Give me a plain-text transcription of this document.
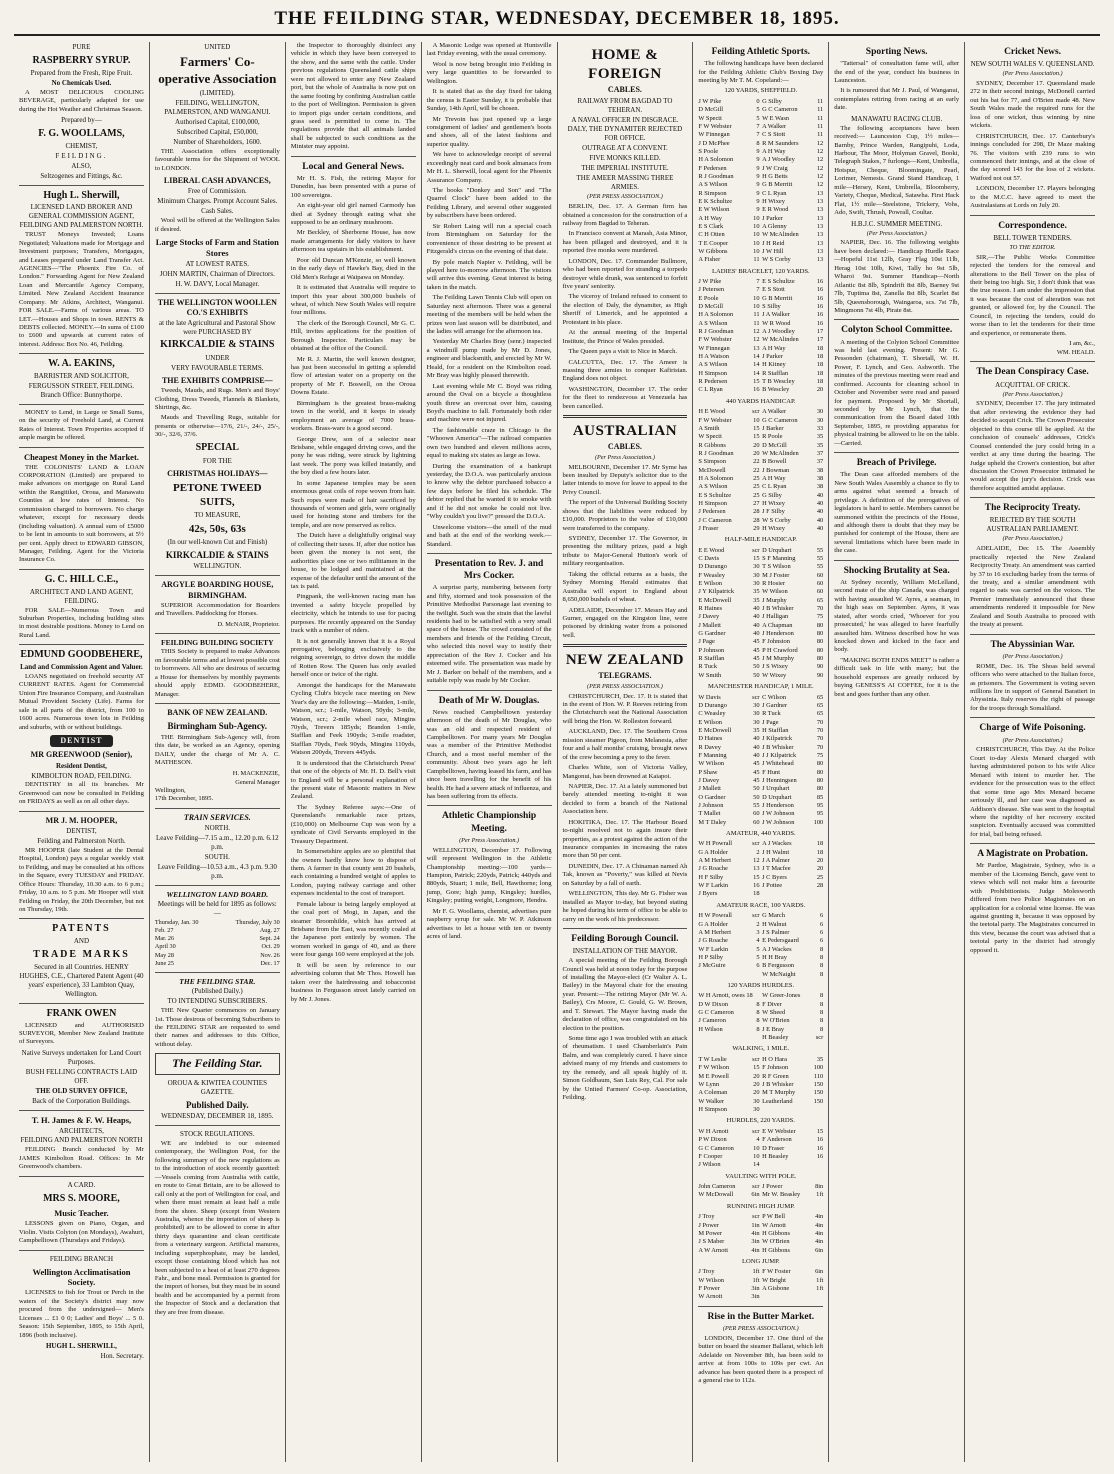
THE FEILDING STAR, WEDNESDAY, DECEMBER 18, 1895.
PURE
RASPBERRY SYRUP.
Prepared from the Fresh, Ripe Fruit.
No Chemicals Used.

A MOST DELICIOUS COOLING BEVERAGE, particularly adapted for use during the Hot Weather and Christmas Season.

Prepared by—
F. G. WOOLLAMS,
CHEMIST,
FEILDING.
ALSO,
Seltzogenes and Fittings, &c.
Hugh L. Sherwill,
LICENSED LAND BROKER AND GENERAL COMMISSION AGENT, FEILDING AND PALMERSTON NORTH.

TRUST Moneys Invested; Loans Negotiated; Valuations made for Mortgage and Investment purposes; Transfers, Mortgages, and Leases prepared under Land Transfer Act. AGENCIES—"The Phoenix Fire Co. of London." Forwarding Agent for New Zealand Loan and Mercantile Agency Company, Limited. New Zealand Accident Insurance Company. Mr Atkins, Architect, Wanganui. FOR SALE.—Farms of various areas. TO LET.—Houses and Shops in town. RENTS & DEBTS collected. MONEY.—In sums of £100 to £600 and upwards at current rates of interest. Address: Box No. 46, Feilding.

W. A. EAKINS,
BARRISTER AND SOLICITOR,
FERGUSSON STREET, FEILDING. Branch Office: Bunnythorpe.

MONEY to Lend, in Large or Small Sums, on the security of Freehold Land, at Current Rates of Interest. Town Properties accepted if ample margin be offered.

Cheapest Money in the Market.

THE COLONISTS' LAND & LOAN CORPORATION (Limited) are prepared to make advances on mortgage on Rural Land within the Rangitikei, Oroua, and Manawatu Counties at low rates of Interest. No commission charged to borrowers. No charge whatever, except for necessary deeds (including valuation). A annual sum of £5000 to be lent in amounts to suit borrowers, at 5½ per cent. Apply direct to EDWARD GIBSON, Manager, Feilding. Agent for the Victoria Insurance Co.

G. C. HILL C.E.,
ARCHITECT AND LAND AGENT, FEILDING.

FOR SALE—Numerous Town and Suburban Properties, including building sites in most desirable positions. Money to Lend on Rural Land.

EDMUND GOODBEHERE,
Land and Commission Agent and Valuer.

LOANS negotiated on freehold security AT CURRENT RATES. Agent for Commercial Union Fire Insurance Company, and Australian Mutual Provident Society (Life). Farms for sale in all parts of the district, from 100 to 1600 acres. Numerous town lots in Feilding and suburbs, with or without buildings.

DENTIST
MR GREENWOOD (Senior),
Resident Dentist,
KIMBOLTON ROAD, FEILDING.

DENTISTRY in all its branches. Mr Greenwood can now be consulted in Feilding on FRIDAYS as well as on all other days.

MR J. M. HOOPER,
DENTIST,
Feilding and Palmerston North.

MR HOOPER (late Student at the Dental Hospital, London) pays a regular weekly visit to Feilding, and may be consulted at his offices in the Square, every TUESDAY and FRIDAY. Office Hours: Thursday, 10.30 a.m. to 6 p.m.; Friday, 10 a.m. to 5 p.m. Mr Hooper will visit Feilding on Friday, the 20th December, but not on Thursday, 19th.

PATENTS
AND
TRADE MARKS
Secured in all Countries. HENRY HUGHES, C.E., Chartered Patent Agent (40 years' experience), 33 Lambton Quay, Wellington.
FRANK OWEN

LICENSED and AUTHORISED SURVEYOR, Member New Zealand Institute of Surveyors.

Native Surveys undertaken for Land Court Purposes.
BUSH FELLING CONTRACTS LAID OFF.
THE OLD SURVEY OFFICE,
Back of the Corporation Buildings.
T. H. James & F. W. Heaps,
ARCHITECTS,
FEILDING AND PALMERSTON NORTH

FEILDING Branch conducted by Mr JAMES Kimbolton Road. Offices: In Mr Greenwood's chambers.

A CARD.
MRS S. MOORE,
Music Teacher.

LESSONS given on Piano, Organ, and Violin. Visits Colyton (on Mondays), Awahuri, Campbelltown (Thursdays and Fridays).

FEILDING BRANCH
Wellington Acclimatisation Society.

LICENSES to fish for Trout or Perch in the waters of the Society's district may now procured from the undersigned— Men's Licenses ... £1 0 0; Ladies' and Boys' ... 5 0. Season: 15th September, 1895, to 15th April, 1896 (both inclusive).

HUGH L. SHERWILL,
Hon. Secretary.
UNITED
Farmers' Co-operative Association
(LIMITED).
FEILDING, WELLINGTON, PALMERSTON, AND WANGANUI.
Authorised Capital, £100,000,
Subscribed Capital, £50,000,
Number of Shareholders, 1600.

THE Association offers exceptionally favourable terms for the Shipment of WOOL to LONDON.

LIBERAL CASH ADVANCES,
Free of Commission.
Minimum Charges. Prompt Account Sales.
Cash Sales.

Wool will be offered at the Wellington Sales if desired.

Large Stocks of Farm and Station Stores
AT LOWEST RATES.
JOHN MARTIN, Chairman of Directors.
H. W. DAVY, Local Manager.
THE WELLINGTON WOOLLEN CO.'S EXHIBITS
at the late Agricultural and Pastoral Show were PURCHASED BY
KIRKCALDIE & STAINS
UNDER
VERY FAVOURABLE TERMS.
THE EXHIBITS COMPRISE—

Tweeds, Mauds, and Rugs. Men's and Boys' Clothing, Dress Tweeds, Flannels & Blankets, Shirtings, &c.

Mauds and Travelling Rugs, suitable for presents or otherwise—17/6, 21/-, 24/-, 25/-, 30/-, 32/6, 37/6.

SPECIAL
FOR THE
CHRISTMAS HOLIDAYS—
PETONE TWEED SUITS,
TO MEASURE,
42s, 50s, 63s
(In our well-known Cut and Finish)
KIRKCALDIE & STAINS
WELLINGTON.
ARGYLE BOARDING HOUSE, BIRMINGHAM.

SUPERIOR Accommodation for Boarders and Travellers. Paddocking for Horses.

D. McNAIR, Proprietor.
FEILDING BUILDING SOCIETY

THIS Society is prepared to make Advances on favourable terms and at lowest possible cost to borrowers. All who are desirous of securing a House for themselves by monthly payments should apply EDMD. GOODBEHERE, Manager.

BANK OF NEW ZEALAND.
Birmingham Sub-Agency.

THE Birmingham Sub-Agency will, from this date, be worked as an Agency, opening DAILY, under the charge of Mr A. C. MATHESON.

H. MACKENZIE,
General Manager
Wellington,
17th December, 1895.
TRAIN SERVICES.
NORTH.
Leave Feilding—7.15 a.m., 12.20 p.m. 6.12 p.m.
SOUTH.
Leave Feilding—10.53 a.m., 4.3 p.m. 9.30 p.m.
WELLINGTON LAND BOARD.
Meetings will be held for 1895 as follows:—
Thursday, Jan. 30	Thursday, July 30
Feb. 27	Aug. 27
Mar. 26	Sept. 24
April 30	Oct. 29
May 28	Nov. 26
June 25	Dec. 17
THE FEILDING STAR.
(Published Daily.)
TO INTENDING SUBSCRIBERS.

THE New Quarter commences on January 1st. Those desirous of becoming Subscribers to the FEILDING STAR are requested to send their names and addresses to this Office, without delay.

The Feilding Star.
OROUA & KIWITEA COUNTIES GAZETTE.
Published Daily.
WEDNESDAY, DECEMBER 18, 1895.
STOCK REGULATIONS.

WE are indebted to our esteemed contemporary, the Wellington Post, for the following summary of the new regulations as to the introduction of stock recently gazetted:—Vessels coming from Australia with cattle, en route to Great Britain, are to be allowed to call only at the port of Wellington for coal, and when there must remain at least half a mile from the shore. Sheep (except from Western Australia, whence the importation of sheep is prohibited) are to be allowed to come in after thirty days quarantine and clean certificate from a veterinary surgeon. Artificial manures, including superphosphate, may be landed, except those containing blood which has not been subjected to a heat of at least 270 degrees Fahr., and bone meal. Permission is granted for the import of horses, but they must be in sound health and be accompanied by a permit from the Inspector of Stock and a declaration that they are free from disease.

the Inspector to thoroughly disinfect any vehicle in which they have been conveyed to the show, and the same with the cattle. Under previous regulations Queensland cattle ships were not allowed to enter any New Zealand port, but the whole of Australia is now put on the same footing by confining Australian cattle to the port of Wellington. Permission is given to import pigs under certain conditions, and grass seed is permitted to come in. The regulations provide that all animals landed shall be subjected to such conditions as the Minister may appoint.

Local and General News.

Mr H. S. Fish, the retiring Mayor for Dunedin, has been presented with a purse of 100 sovereigns.

An eight-year old girl named Carmody has died at Sydney through eating what she supposed to be an ordinary mushroom.

Mr Beckley, of Sherborne House, has now made arrangements for daily visitors to have afternoon tea upstairs in his establishment.

Poor old Duncan M'Kenzie, so well known in the early days of Hawke's Bay, died in the Old Men's Refuge at Waipawa on Monday.

It is estimated that Australia will require to import this year about 300,000 bushels of wheat, of which New South Wales will require four millions.

The clerk of the Borough Council, Mr G. C. Hill, invites applications for the position of Borough Inspector. Particulars may be obtained at the office of the Council.

Mr R. J. Martin, the well known designer, has just been successful in getting a splendid flow of artesian water on a property on the property of Mr F. Boswell, on the Oroua Downs Estate.

Birmingham is the greatest brass-making town in the world, and it keeps in steady employment an average of 7000 brass-workers. Brass-ware is a good second.

George Drew, son of a selector near Brisbane, while engaged driving cows, and the pony he was riding, were struck by lightning last week. The pony was killed instantly, and the boy died a few hours later.

In some Japanese temples may be seen enormous great coils of rope woven from hair. Such ropes were made of hair sacrificed by thousands of women and girls, were originally used for hoisting stone and timbers for the temple, and are now preserved as relics.

The Dutch have a delightfully original way of collecting their taxes. If, after due notice has been given the money is not sent, the authorities place one or two militiamen in the house, to be lodged and maintained at the expense of the defaulter until the amount of the tax is paid.

Pingpank, the well-known racing man has invented a safety bicycle propelled by electricity, which he intends to use for pacing purposes. He recently appeared on the Sunday track with a number of riders.

It is not generally known that it is a Royal prerogative, belonging exclusively to the reigning sovereign, to drive down the middle of Rotten Row. The Queen has only availed herself once or twice of the right.

Amongst the handicaps for the Manawatu Cycling Club's bicycle race meeting on New Year's day are the following:—Maiden, 1-mile, Watson, scr.; 1-mile, Watson, 50yds; 3-mile, Watson, scr.; 2-mile wheel race, Mingins 70yds, Trevers 185yds; Brandon 1-mile, Stafflan and Feek 190yds; 3-mile roadster, Stafflan 70yds, Feek 90yds, Mingins 110yds, Watson 200yds, Trevers 445yds.

It is understood that the Christchurch Press' that one of the objects of Mr. H. D. Bell's visit to England will be a personal explanation of the present state of Masonic matters in New Zealand.

The Sydney Referee says:—One of Queensland's remarkable race prizes, (£10,000) on Melbourne Cup was won by a syndicate of Civil Servants employed in the Treasury Department.

In Somersetshire apples are so plentiful that the owners hardly know how to dispose of them. A farmer in that county sent 20 bushels, each containing a hundred weight of apples to London, paying railway carriage and other expenses incidental to the cost of transport.

Female labour is being largely employed at the coal port of Mogi, in Japan, and the steamer Broomhilde, which has arrived at Brisbane from the East, was recently coaled at the Japanese port entirely by women. The women worked in gangs of 40, and as there were four gangs 160 were employed at the job.

It will be seen by reference to our advertising column that Mr Thos. Howell has taken over the hairdressing and tobacconist business in Fergusson street lately carried on by Mr J. Jones.

A Masonic Lodge was opened at Huntsville last Friday evening, with the usual ceremony.

Wool is now being brought into Feilding in very large quantities to be forwarded to Wellington.

It is stated that as the day fixed for taking the census is Easter Sunday, it is probable that Sunday, 14th April, will be chosen.

Mr Trevoin has just opened up a large consignment of ladies' and gentlemen's boots and shoes, all of the latest fashions and superior quality.

We have to acknowledge receipt of several exceedingly neat card and book almanacs from Mr H. L. Sherwill, local agent for the Phoenix Assurance Company.

The books "Donkey and Son" and "The Quarrel Clock" have been added to the Feilding Library, and several other suggested by subscribers have been ordered.

Sir Robert Laing will run a special coach from Birmingham on Saturday for the convenience of those desiring to be present at Fitzgerald's circus on the evening of that date.

By pole match Napier v. Feilding, will be played here to-morrow afternoon. The visitors will arrive this evening. Great interest is being taken in the match.

The Feilding Lawn Tennis Club will open on Saturday next afternoon. There was a general meeting of the members will be held when the prizes won last season will be distributed, and the ladies will arrange for the afternoon tea.

Yesterday Mr Charles Bray (senr.) inspected a windmill pump made by Mr D. Jones, engineer and blacksmith, and erected by Mr W. Heald, for a resident on the Kimbolton road. Mr Bray was highly pleased therewith.

Last evening while Mr C. Boyd was riding around the Oval on a bicycle a thoughtless youth threw an overcoat over him, causing Boyd's machine to fall. Fortunately both rider and machine were not injured.

The fashionable craze in Chicago is the "Whoown America"—The railroad companies own two hundred and eleven millions acres, equal to making six states as large as Iowa.

During the examination of a bankrupt yesterday, the D.O.A. was particularly anxious to know why the debtor purchased tobacco a few days before he filed his schedule. The debtor replied that he wanted it to smoke with and if he did not smoke he could not live. "Why couldn't you live?" pressed the D.O.A.

Unwelcome visitors—the smell of the mud and bath at the end of the working week.—Standard.

Presentation to Rev. J. and Mrs Cocker.

A surprise party, numbering between forty and fifty, stormed and took possession of the Primitive Methodist Parsonage last evening to the twilight. Such was the strain that the lawful residents had to be satisfied with a very small space of the house. The crowd consisted of the members and friends of the Feilding Circuit, who selected this novel way to testify their appreciation of the Rev J. Cocker and his esteemed wife. The presentation was made by Mr J. Barker on behalf of the members, and a suitable reply was made by Mr Cocker.

Death of Mr W. Douglas.

News reached Campbelltown yesterday afternoon of the death of Mr Douglas, who was an old and respected resident of Campbelltown. For many years Mr Douglas was a member of the Primitive Methodist Church, and a most useful member of the community. About two years ago he left Campbelltown, having leased his farm, and has since been travelling for the benefit of his health. He had a severe attack of influenza, and has been suffering from its effects.

Athletic Championship Meeting.
(Per Press Association.)

WELLINGTON, December 17. Following will represent Wellington in the Athletic Championship meeting:—100 yards—Hampton, Patrick; 220yds, Patrick; 440yds and 880yds, Stuart; 1 mile, Bell, Hawthorne; long jump, Gore; high jump, Kingsley; hurdles, Kingsley; putting weight, Longmore, Hendra.

Mr F. G. Woollams, chemist, advertises pure raspberry syrup for sale. Mr W. P. Atkinson advertises to let a house with ten or twenty acres of land.

HOME & FOREIGN
CABLES.
RAILWAY FROM BAGDAD TO TEHERAN.
A NAVAL OFFICER IN DISGRACE.
DALY, THE DYNAMITER REJECTED FOR OFFICE.
OUTRAGE AT A CONVENT.
FIVE MONKS KILLED.
THE IMPERIAL INSTITUTE.
THE AMEER MASSING THREE ARMIES.
(PER PRESS ASSOCIATION.)

BERLIN, Dec. 17. A German firm has obtained a concession for the construction of a railway from Bagdad to Teheran.

In Francisco convent at Marash, Asia Minor, has been pillaged and destroyed, and it is reported five monks were murdered.

LONDON, Dec. 17. Commander Bullmore, who had been reported for stranding a torpedo destroyer while drunk, was sentenced to forfeit five years' seniority.

The viceroy of Ireland refused to consent to the election of Daly, the dynamiter, as High Sheriff of Limerick, and he appointed a Protestant in his place.

At the annual meeting of the Imperial Institute, the Prince of Wales presided.

The Queen pays a visit to Nice in March.

CALCUTTA, Dec. 17. The Ameer is massing three armies to conquer Kafiristan. England does not object.

WASHINGTON, December 17. The order for the fleet to rendezvous at Venezuela has been cancelled.

AUSTRALIAN
CABLES.
(Per Press Association.)

MELBOURNE, December 17. Mr Syme has been insulted by Deputy's solicitor due to the latter intends to move for leave to appeal to the Privy Council.

The report of the Universal Building Society shows that the liabilities were reduced by £10,000. Proprietors to the value of £10,000 were transferred to the company.

SYDNEY, December 17. The Governor, in presenting the military prizes, paid a high tribute to Major-General Hutton's work of military reorganisation.

Taking the official returns as a basis, the Sydney Morning Herald estimates that Australia will export to England about 8,650,000 bushels of wheat.

ADELAIDE, December 17. Messrs Hay and Gurner, engaged on the Kingston line, were poisoned by drinking water from a poisoned well.

NEW ZEALAND
TELEGRAMS.
(PER PRESS ASSOCIATION.)

CHRISTCHURCH, Dec. 17. It is stated that in the event of Hon. W. P. Reeves retiring from the Christchurch seat the National Association will bring the Hon. W. Rolleston forward.

AUCKLAND, Dec. 17. The Southern Cross mission steamer Pigeon, from Melanesia, after four and a half months' cruising, brought news of the crew becoming a prey to the fever.

Charles White, son of Victoria Valley, Mangonui, has been drowned at Kaiapoi.

NAPIER, Dec. 17. At a lately summoned but barely attended meeting to-night it was decided to form a branch of the National Association here.

HOKITIKA, Dec. 17. The Harbour Board to-night resolved not to again insure their properties, as a protest against the action of the insurance companies in increasing the rates more than 50 per cent.

DUNEDIN, Dec. 17. A Chinaman named Ah Tak, known as "Poverty," was killed at Nevis on Saturday by a fall of earth.

WELLINGTON, This day. Mr G. Fisher was installed as Mayor to-day, but beyond stating he hoped during his term of office to be able to carry on the work of his predecessor.

Feilding Borough Council.
INSTALLATION OF THE MAYOR.

A special meeting of the Feilding Borough Council was held at noon today for the purpose of installing the Mayor-elect (Cr Walter A. L. Bailey) in the Mayoral chair for the ensuing year. Present:—The retiring Mayor (Mr W. A. Bailey), Crs Moore, C. Gould, G. W. Brown, and T. Stewart. The Mayor having made the declaration of office, was congratulated on his election to the position.

Some time ago I was troubled with an attack of rheumatism. I used Chamberlain's Pain Balm, and was completely cured. I have since advised many of my friends and customers to try the remedy, and all speak highly of it. Simon Goldbaum, San Luis Rey, Cal. For sale by the United Farmers' Co-op. Association, Feilding.

Feilding Athletic Sports.

The following handicaps have been declared for the Feilding Athletic Club's Boxing Day meeting by Mr T. M. Copeland:—

120 YARDS, SHEFFIELD.
J W Pike	0 G Silby	11
D McGill	5 G C Cameron	11
W Spectt	5 W E Wasn	11
F W Webster	7 A Walker	11
W Finnegan	7 C S Stott	11
J D McPhee	8 R M Saunders	12
S Poole	9 A H Way	12
H A Solomon	9 A J Woodley	12
F Pedersen	9 J W Craig	12
R J Goodman	9 H G Betts	12
A S Wilson	9 G B Merritt	12
R Simpson	9 C L Ryan	13
E K Schultze	9 H Wixey	13
E W Wilson	9 E R Wood	13
A H Way	10 J Parker	13
E S Clark	10 A Glenny	13
C H Otten	10 W McAlinden	13
T E Cooper	10 J H Reid	13
W Gibbons	10 J W Hill	13
A Fisher	11 W S Corby	13
LADIES' BRACELET, 120 YARDS.
J W Pike	7 E S Schultze	16
J Petersen	7 E S Stott	16
E Poole	10 G B Merritt	16
D McGill	10 S Silby	16
H A Solomon	11 J A Walker	16
A S Wilson	11 W R Wood	16
R J Goodman	12 A J Woodley	17
F W Webster	12 W McAlinden	17
W Finnegan	13 A H Way	18
H A Watson	14 J Parker	18
A S Wilson	14 H Kitney	18
H Simpson	14 R Stafflan	18
R Pedersen	15 T B Wescley	18
C L Ryan	16 B Wescley	20
440 YARDS HANDICAP.
H E Wood	scr A Walker	30
F W Webster	10 G C Cameron	30
A Smith	15 J Barker	33
W Spectt	15 R Poole	35
R Gibbons	20 D McGill	35
R J Goodman	20 W McAlinden	37
S Simpson	22 B Bowell	37
McDowell	22 J Bowman	38
H A Solomon	25 A H Way	38
A S Wilson	25 C L Ryan	38
E S Schultze	25 G Silby	40
H Simpson	27 H Wixey	40
J Pedersen	28 J F Silby	40
J C Cameron	28 W S Corby	40
J Fraser	29 H Wixey	40
HALF-MILE HANDICAP.
E E Wood	scr D Urquhart	55
C Davis	15 S F Manning	55
D Durango	30 T S Wilson	55
F Weasley	30 M J Foster	60
E Wilson	30 R Hosier	60
J Y Kilpatrick	35 W Wilson	60
E McDowell	35 J Murphy	65
R Haines	40 J B Whisker	70
J Davey	40 J Halligan	75
J Mallett	40 A Chapman	80
G Gardner	40 J Henderson	80
J Page	45 F Johnston	80
P Johnson	45 P H Crawford	80
R Stafflan	45 J M Murphy	80
R Tuck	50 J S Wixey	90
W Smith	50 W Wixey	90
MANCHESTER HANDICAP, 1 MILE.
W Davis	scr C Wilson	65
D Durango	30 J Gardner	65
C Weasley	30 R Tuck	65
E Wilson	30 J Page	70
E McDowell	35 H Stafflan	70
D Haines	40 J Kilpatrick	70
R Davey	40 J B Whisker	70
F Manning	40 J J Kilpatrick	75
W Wilson	45 J Whitehead	80
P Shaw	45 F Hunt	80
J Davey	45 J Henningsen	80
J Mallett	50 J Urquhart	80
O Gardner	50 D Urquhart	85
J Johnson	55 J Henderson	95
T Mallet	60 J W Johnson	95
M T Daley	60 J W Johnson	100
AMATEUR, 440 YARDS.
W H Powrall	scr A J Wackes	18
G A Holder	2 J H Walmt	18
A M Herbert	12 J A Palmer	20
J G Roache	13 J T Macfee	20
H F Silby	15 J C Byers	25
W F Larkin	16 J Pottee	28
J Byers	18
AMATEUR RACE, 100 YARDS.
H W Powrall	scr G March	6
G A Holder	2 H Walnut	6
A M Herbert	3 J S Palmer	6
J G Roache	4 E Pedersgaard	6
W F Larkin	5 A J Wackes	8
H P Silby	5 H H Bray	8
J McGuire	6 B Fergusson	8
W McNaight	8
120 YARDS HURDLES.
W H Arnott, owes 18 W Greer-Jones	8
D W Dixon	8 F Diver	8
G C Cameron	8 W Sheed	8
J Cameron	8 W O'Brien	8
H Wilson	8 J E Bray	8
H Beasley	scr
WALKING, 1 MILE.
T W Leslie	scr H O Hara	35
F W Wilson	15 F Johnson	100
M E Powell	20 R F Green	110
W Lynn	20 J B Whisker	150
A Coleman	20 M T Murphy	150
W Walker	30 Leatherland	150
H Simpson	30
HURDLES, 220 YARDS.
W H Arnott	scr E W Webster	15
P W Dixon	4 F Anderson	16
G C Cameron	10 D Fraser	16
F Cooper	10 H Beasley	16
J Wilson	14
VAULTING WITH POLE.
John Cameron	scr J Power	8in
W McDowall	6in Mr W. Beasley 1ft
RUNNING HIGH JUMP.
J Troy	scr P W Bell	4in
J Power	1in W Arnott	4in
M Power	4in H Gibbons	4in
J S Maber	3in W O'Brien	4in
A W Arnott	4in H Gibbons	6in
LONG JUMP.
J Troy	1ft F W Foster	6in
W Wilson	1ft W Bright	1ft
F Power	3in A Gisbone	1ft
W Arnott	3in
Rise in the Butter Market.
(PER PRESS ASSOCIATION.)

LONDON, December 17. One third of the butter on board the steamer Ballarat, which left Adelaide on November 8th, has been sold to arrive at from 100s to 109s per cwt. An advance has been quoted there is a prospect of a general rise to 112s.

Sporting News.

"Tattersal" of consultation fame will, after the end of the year, conduct his business in Launceston.

It is rumoured that Mr J. Paul, of Wanganui, contemplates retiring from racing at an early date.

MANAWATU RACING CLUB.

The following acceptances have been received:— Launceston Cup, 1½ miles—Barnby, Prince Warden, Rangipuhi, Loda, Harbour, The Moor, Holyman Gravel, Booki, Telegraph Stakes, 7 furlongs—Kent, Umbrella, Hotspur, Cheque, Bloomingate, Pearl, Lorimer, Nemesis. Grand Stand Handicap, 1 mile—Hersey, Kent, Umbrella, Bloomberry, Variety, Cheque, Medical, Satawha. First Hack Flat, 1½ mile—Steelstone, Trickery, Vohs, Ado, Swift, Thrush, Powrall, Coultar.

H.B.J.C. SUMMER MEETING.
(Per Press Association.)

NAPIER, Dec. 16. The following weights have been declared:— Handicap Hurdle Race—Hopeful 11st 12lb, Gray Flag 10st 11lb, Herag 10st 10lb, Kiwi, Tally ho 9st 5lb, Wharoi 9st. Summer Handicap—North Atlantic 8st 8lb, Spindrift 8st 8lb, Barney 9st 7lb, Tuptima 8st, Zanella 8st 8lb, Scarlet 8st 5lb, Queensborough, Waingaroa, scs. 7st 7lb, Mingmonn 7st 4lb, Pirate 8st.

Colyton School Committee.

A meeting of the Colyton School Committee was held last evening. Present: Mr G. Pessonden (chairman), T. Shortall, W. H. Power, F. Lynch, and Geo. Ashworth. The minutes of the previous meeting were read and confirmed. Accounts for cleaning school in October and November were read and passed for payment. Proposed by Mr Shortall, seconded by Mr Lynch, that the communication from the Board dated 10th September, 1895, re providing apparatus for physical training be allowed to lie on the table.—Carried.

Breach of Privilege.

The Dean case afforded members of the New South Wales Assembly a chance to fly to arms against what seemed a breach of privilege. A definition of the prerogatives of legislators is hard to settle. Members cannot be summoned within the precincts of the House, and although there is doubt that they may be punished for contempt of the House, there are several limitations which have been made in the case.

Shocking Brutality at Sea.

At Sydney recently, William McLelland, second mate of the ship Canada, was charged with having assaulted W. Ayres, a seaman, in the high seas on September. Ayres, it was stated, after words cried, 'Whoever for you prosecuted,' he was alleged to have fearfully assaulted him. Witness described how he was knocked down and kicked in the face and body.

"MAKING BOTH ENDS MEET" is rather a difficult task in life with many; but the household expenses are greatly reduced by buying GENESS'S AI COFFEE, for it is the best and goes further than any other.

Cricket News.
NEW SOUTH WALES V. QUEENSLAND.
(Per Press Association.)

SYDNEY, December 17. Queensland made 272 in their second innings, McDonell carried out his bat for 77, and O'Brien made 48. New South Wales made the required runs for the loss of one wicket, thus winning by nine wickets.

CHRISTCHURCH, Dec. 17. Canterbury's innings concluded for 298, Dr Maze making 76. The visitors with 239 runs to win commenced their innings, and at the close of the day scored 143 for the loss of 2 wickets. Watford not out 57.

LONDON, December 17. Players belonging to the M.C.C. have agreed to meet the Australasians at Lords on July 20.

Correspondence.
BELL TOWER TENDERS.
TO THE EDITOR.

SIR,—The Public Works Committee rejected the tenders for the removal and alterations to the Bell Tower on the plea of their being too high. Sir, I don't think that was the true reason. I am under the impression that it was because the cost of alteration was not granted, or allowed for, by the Council. The Council, in rejecting the tenders, could do worse than to let the tenderers for their time and experience, or remunerate them.

I am, &c.,
WM. HEALD.
The Dean Conspiracy Case.
ACQUITTAL OF CRICK.
(Per Press Association.)

SYDNEY, December 17. The jury intimated that after reviewing the evidence they had decided to acquit Crick. The Crown Prosecutor objected to this course till he applied. At the conclusion of counsels' addresses, Crick's Counsel contended the jury could bring in a verdict at any time during the hearing. The Judge upheld the Crown's contention, but after discussion the Crown Prosecutor intimated he would accept the jury's decision. Crick was therefore acquitted amidst applause.

The Reciprocity Treaty.
REJECTED BY THE SOUTH AUSTRALIAN PARLIAMENT.
(Per Press Association.)

ADELAIDE, Dec 15. The Assembly practically rejected the New Zealand Reciprocity Treaty. An amendment was carried by 37 to 16 excluding barley from the terms of the treaty, and a similar amendment with regard to oats was carried on the voices. The Premier immediately announced that these amendments rendered it impossible for New Zealand and South Australia to proceed with the treaty at present.

The Abyssinian War.
(Per Press Association.)

ROME, Dec. 16. The Shoas held several officers who were attached to the Italian force, as prisoners. The Government is voting seven millions lire in support of General Baratieri in Abyssinia. Italy reserves the right of passage for the troops through Somaliland.

Charge of Wife Poisoning.
(Per Press Association.)

CHRISTCHURCH, This Day. At the Police Court to-day Alexis Menard charged with having administered poison to his wife Alice Menard with intent to murder her. The evidence for the prosecution was to the effect that some time ago Mrs Menard became seriously ill, and her case was diagnosed as Addison's disease. She was sent to the hospital where the rapidity of her recovery excited suspicion. Eventually accused was committed for trial, bail being refused.

A Magistrate on Probation.

Mr Pardoe, Magistrate, Sydney, who is a member of the Licensing Bench, gave vent to views which will not make him a favourite with Prohibitionists. Judge Molesworth differed from two Police Magistrates on an application for a colonial wine license. He was against granting it, because it was opposed by the teetotal party. The Magistrates concurred in this view, because the court was advised that a teetotal party in the district had strongly opposed it.
